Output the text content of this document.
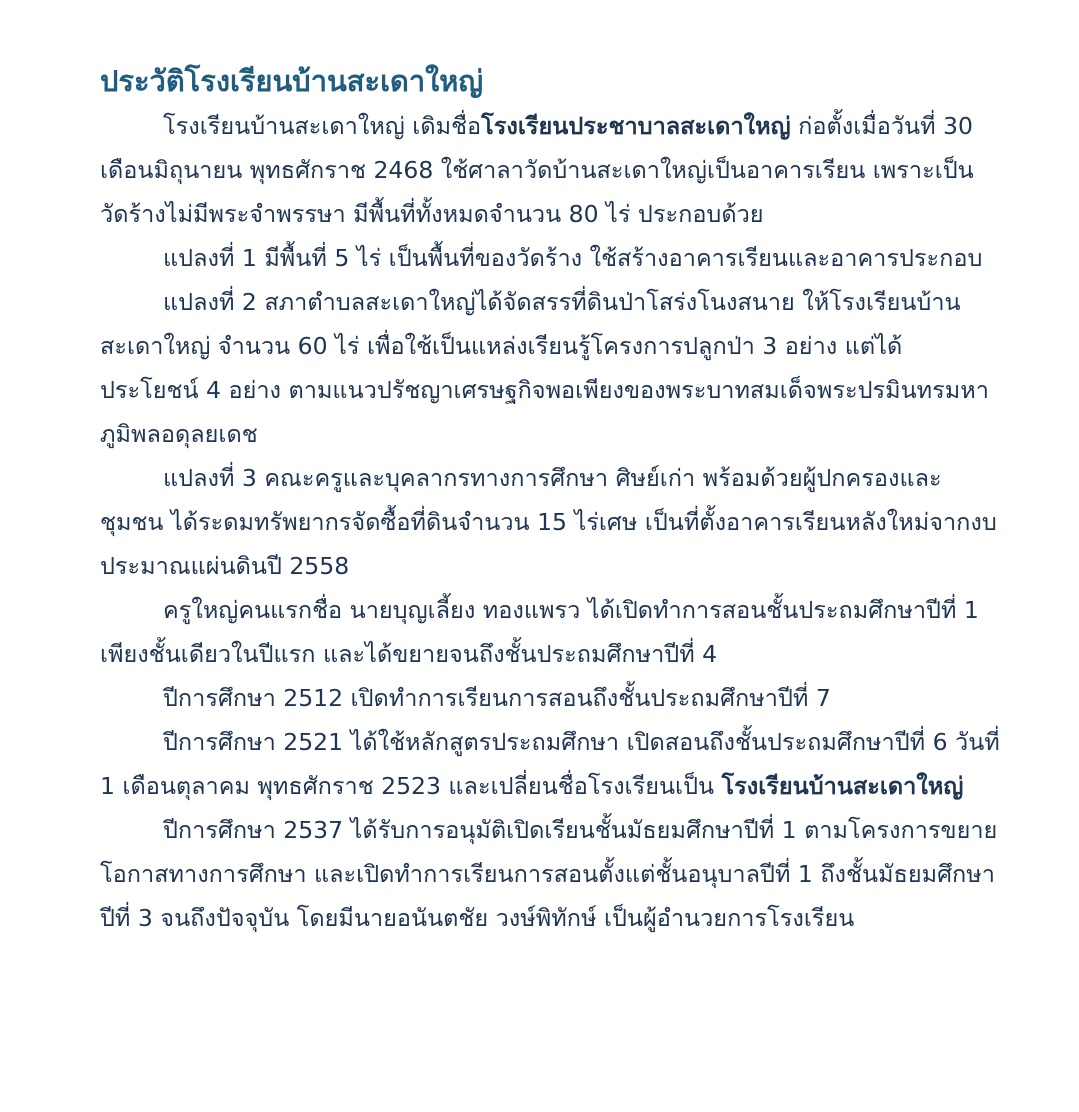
ประวัติโรงเรียนบ้านสะเดาใหญ่

โรงเรียนบ้านสะเดาใหญ่ เดิมชื่อโรงเรียนประชาบาลสะเดาใหญ่ ก่อตั้งเมื่อวันที่ 30 เดือนมิถุนายน พุทธศักราช 2468 ใช้ศาลาวัดบ้านสะเดาใหญ่เป็นอาคารเรียน เพราะเป็นวัดร้างไม่มีพระจำพรรษา มีพื้นที่ทั้งหมดจำนวน 80 ไร่ ประกอบด้วย

แปลงที่ 1 มีพื้นที่ 5 ไร่ เป็นพื้นที่ของวัดร้าง ใช้สร้างอาคารเรียนและอาคารประกอบ

แปลงที่ 2 สภาตำบลสะเดาใหญ่ได้จัดสรรที่ดินป่าโสร่งโนงสนาย ให้โรงเรียนบ้านสะเดาใหญ่ จำนวน 60 ไร่ เพื่อใช้เป็นแหล่งเรียนรู้โครงการปลูกป่า 3 อย่าง แต่ได้ประโยชน์ 4 อย่าง ตามแนวปรัชญาเศรษฐกิจพอเพียงของพระบาทสมเด็จพระปรมินทรมหาภูมิพลอดุลยเดช

แปลงที่ 3 คณะครูและบุคลากรทางการศึกษา ศิษย์เก่า พร้อมด้วยผู้ปกครองและชุมชน ได้ระดมทรัพยากรจัดซื้อที่ดินจำนวน 15 ไร่เศษ เป็นที่ตั้งอาคารเรียนหลังใหม่จากงบประมาณแผ่นดินปี 2558

ครูใหญ่คนแรกชื่อ นายบุญเลี้ยง ทองแพรว ได้เปิดทำการสอนชั้นประถมศึกษาปีที่ 1 เพียงชั้นเดียวในปีแรก และได้ขยายจนถึงชั้นประถมศึกษาปีที่ 4

ปีการศึกษา 2512 เปิดทำการเรียนการสอนถึงชั้นประถมศึกษาปีที่ 7

ปีการศึกษา 2521 ได้ใช้หลักสูตรประถมศึกษา เปิดสอนถึงชั้นประถมศึกษาปีที่ 6 วันที่ 1 เดือนตุลาคม พุทธศักราช 2523 และเปลี่ยนชื่อโรงเรียนเป็น โรงเรียนบ้านสะเดาใหญ่

ปีการศึกษา 2537 ได้รับการอนุมัติเปิดเรียนชั้นมัธยมศึกษาปีที่ 1 ตามโครงการขยายโอกาสทางการศึกษา และเปิดทำการเรียนการสอนตั้งแต่ชั้นอนุบาลปีที่ 1 ถึงชั้นมัธยมศึกษาปีที่ 3 จนถึงปัจจุบัน โดยมีนายอนันตชัย วงษ์พิทักษ์ เป็นผู้อำนวยการโรงเรียน
